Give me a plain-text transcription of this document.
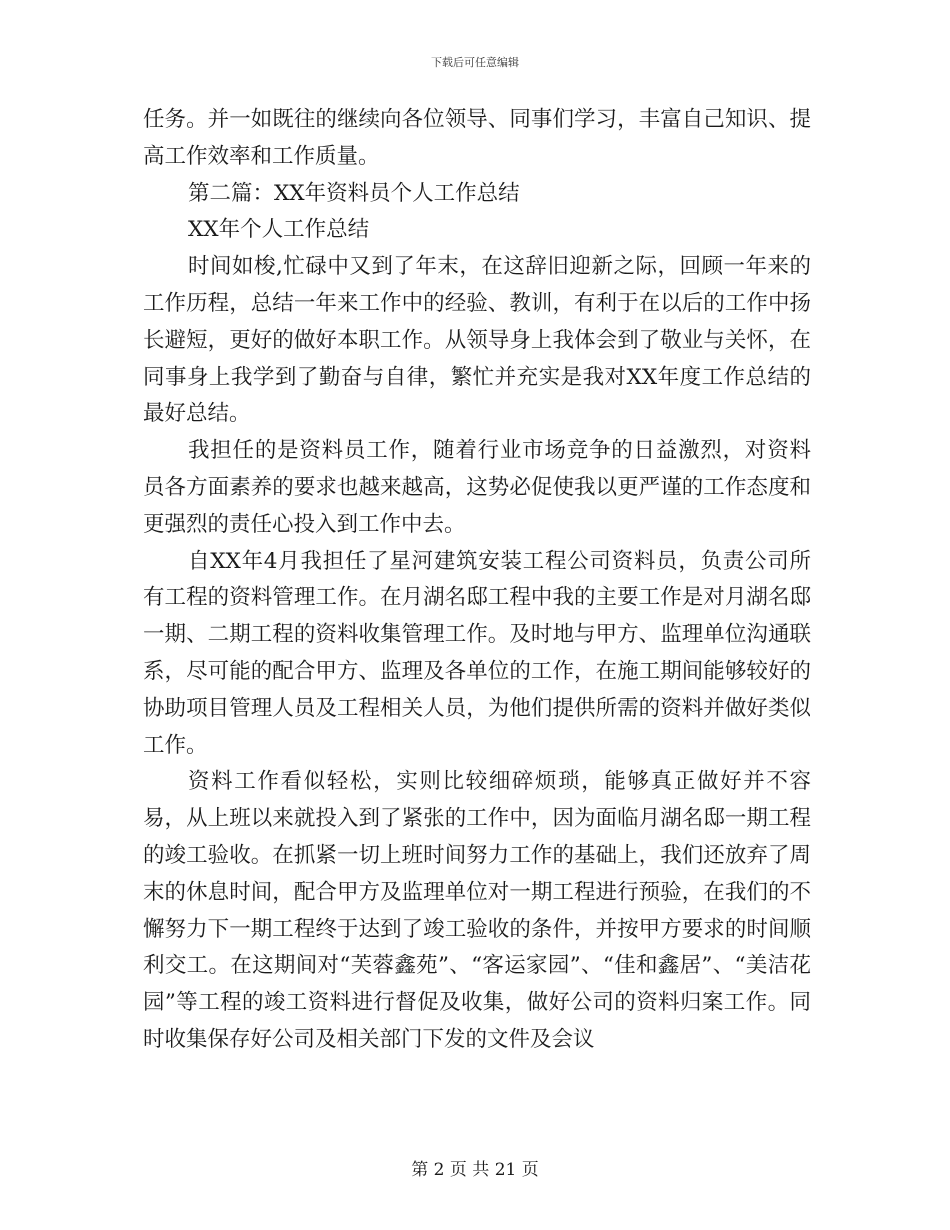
下载后可任意编辑

任务。并一如既往的继续向各位领导、同事们学习，丰富自己知识、提高工作效率和工作质量。

第二篇：XX年资料员个人工作总结

XX年个人工作总结

时间如梭,忙碌中又到了年末，在这辞旧迎新之际，回顾一年来的工作历程，总结一年来工作中的经验、教训，有利于在以后的工作中扬长避短，更好的做好本职工作。从领导身上我体会到了敬业与关怀，在同事身上我学到了勤奋与自律，繁忙并充实是我对XX年度工作总结的最好总结。

我担任的是资料员工作，随着行业市场竞争的日益激烈，对资料员各方面素养的要求也越来越高，这势必促使我以更严谨的工作态度和更强烈的责任心投入到工作中去。

自XX年4月我担任了星河建筑安装工程公司资料员，负责公司所有工程的资料管理工作。在月湖名邸工程中我的主要工作是对月湖名邸一期、二期工程的资料收集管理工作。及时地与甲方、监理单位沟通联系，尽可能的配合甲方、监理及各单位的工作，在施工期间能够较好的协助项目管理人员及工程相关人员，为他们提供所需的资料并做好类似工作。

资料工作看似轻松，实则比较细碎烦琐，能够真正做好并不容易，从上班以来就投入到了紧张的工作中，因为面临月湖名邸一期工程的竣工验收。在抓紧一切上班时间努力工作的基础上，我们还放弃了周末的休息时间，配合甲方及监理单位对一期工程进行预验，在我们的不懈努力下一期工程终于达到了竣工验收的条件，并按甲方要求的时间顺利交工。在这期间对“芙蓉鑫苑”、“客运家园”、“佳和鑫居”、“美洁花园”等工程的竣工资料进行督促及收集，做好公司的资料归案工作。同时收集保存好公司及相关部门下发的文件及会议

第 2 页 共 21 页
